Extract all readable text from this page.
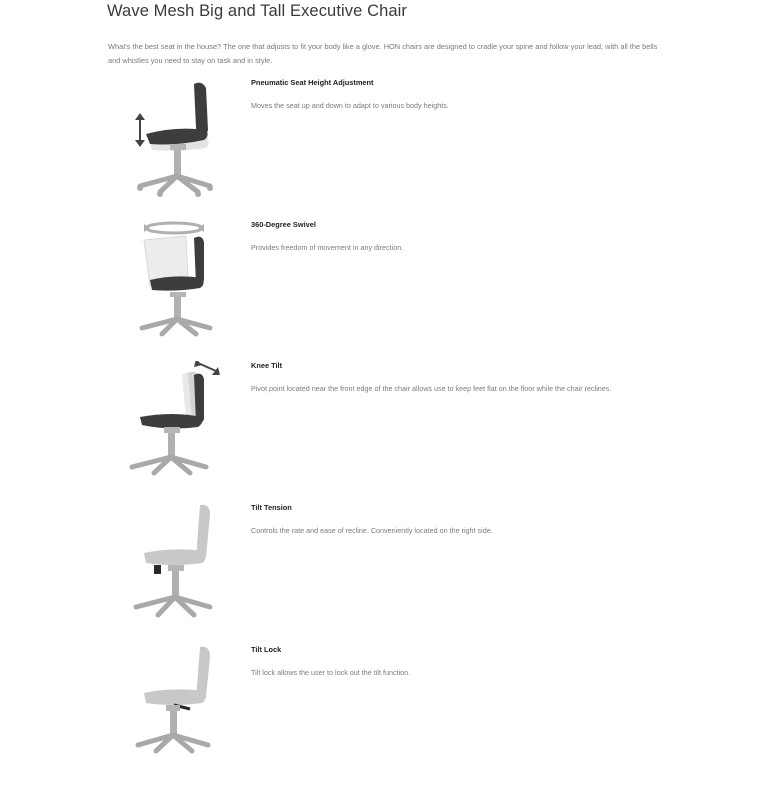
Wave Mesh Big and Tall Executive Chair
What's the best seat in the house? The one that adjusts to fit your body like a glove. HON chairs are designed to cradle your spine and follow your lead, with all the bells and whistles you need to stay on task and in style.
Pneumatic Seat Height Adjustment
Moves the seat up and down to adapt to various body heights.
360-Degree Swivel
Provides freedom of movement in any direction.
Knee Tilt
Pivot point located near the front edge of the chair allows use to keep feet flat on the floor while the chair reclines.
Tilt Tension
Controls the rate and ease of recline. Conveniently located on the right side.
Tilt Lock
Tilt lock allows the user to lock out the tilt function.
